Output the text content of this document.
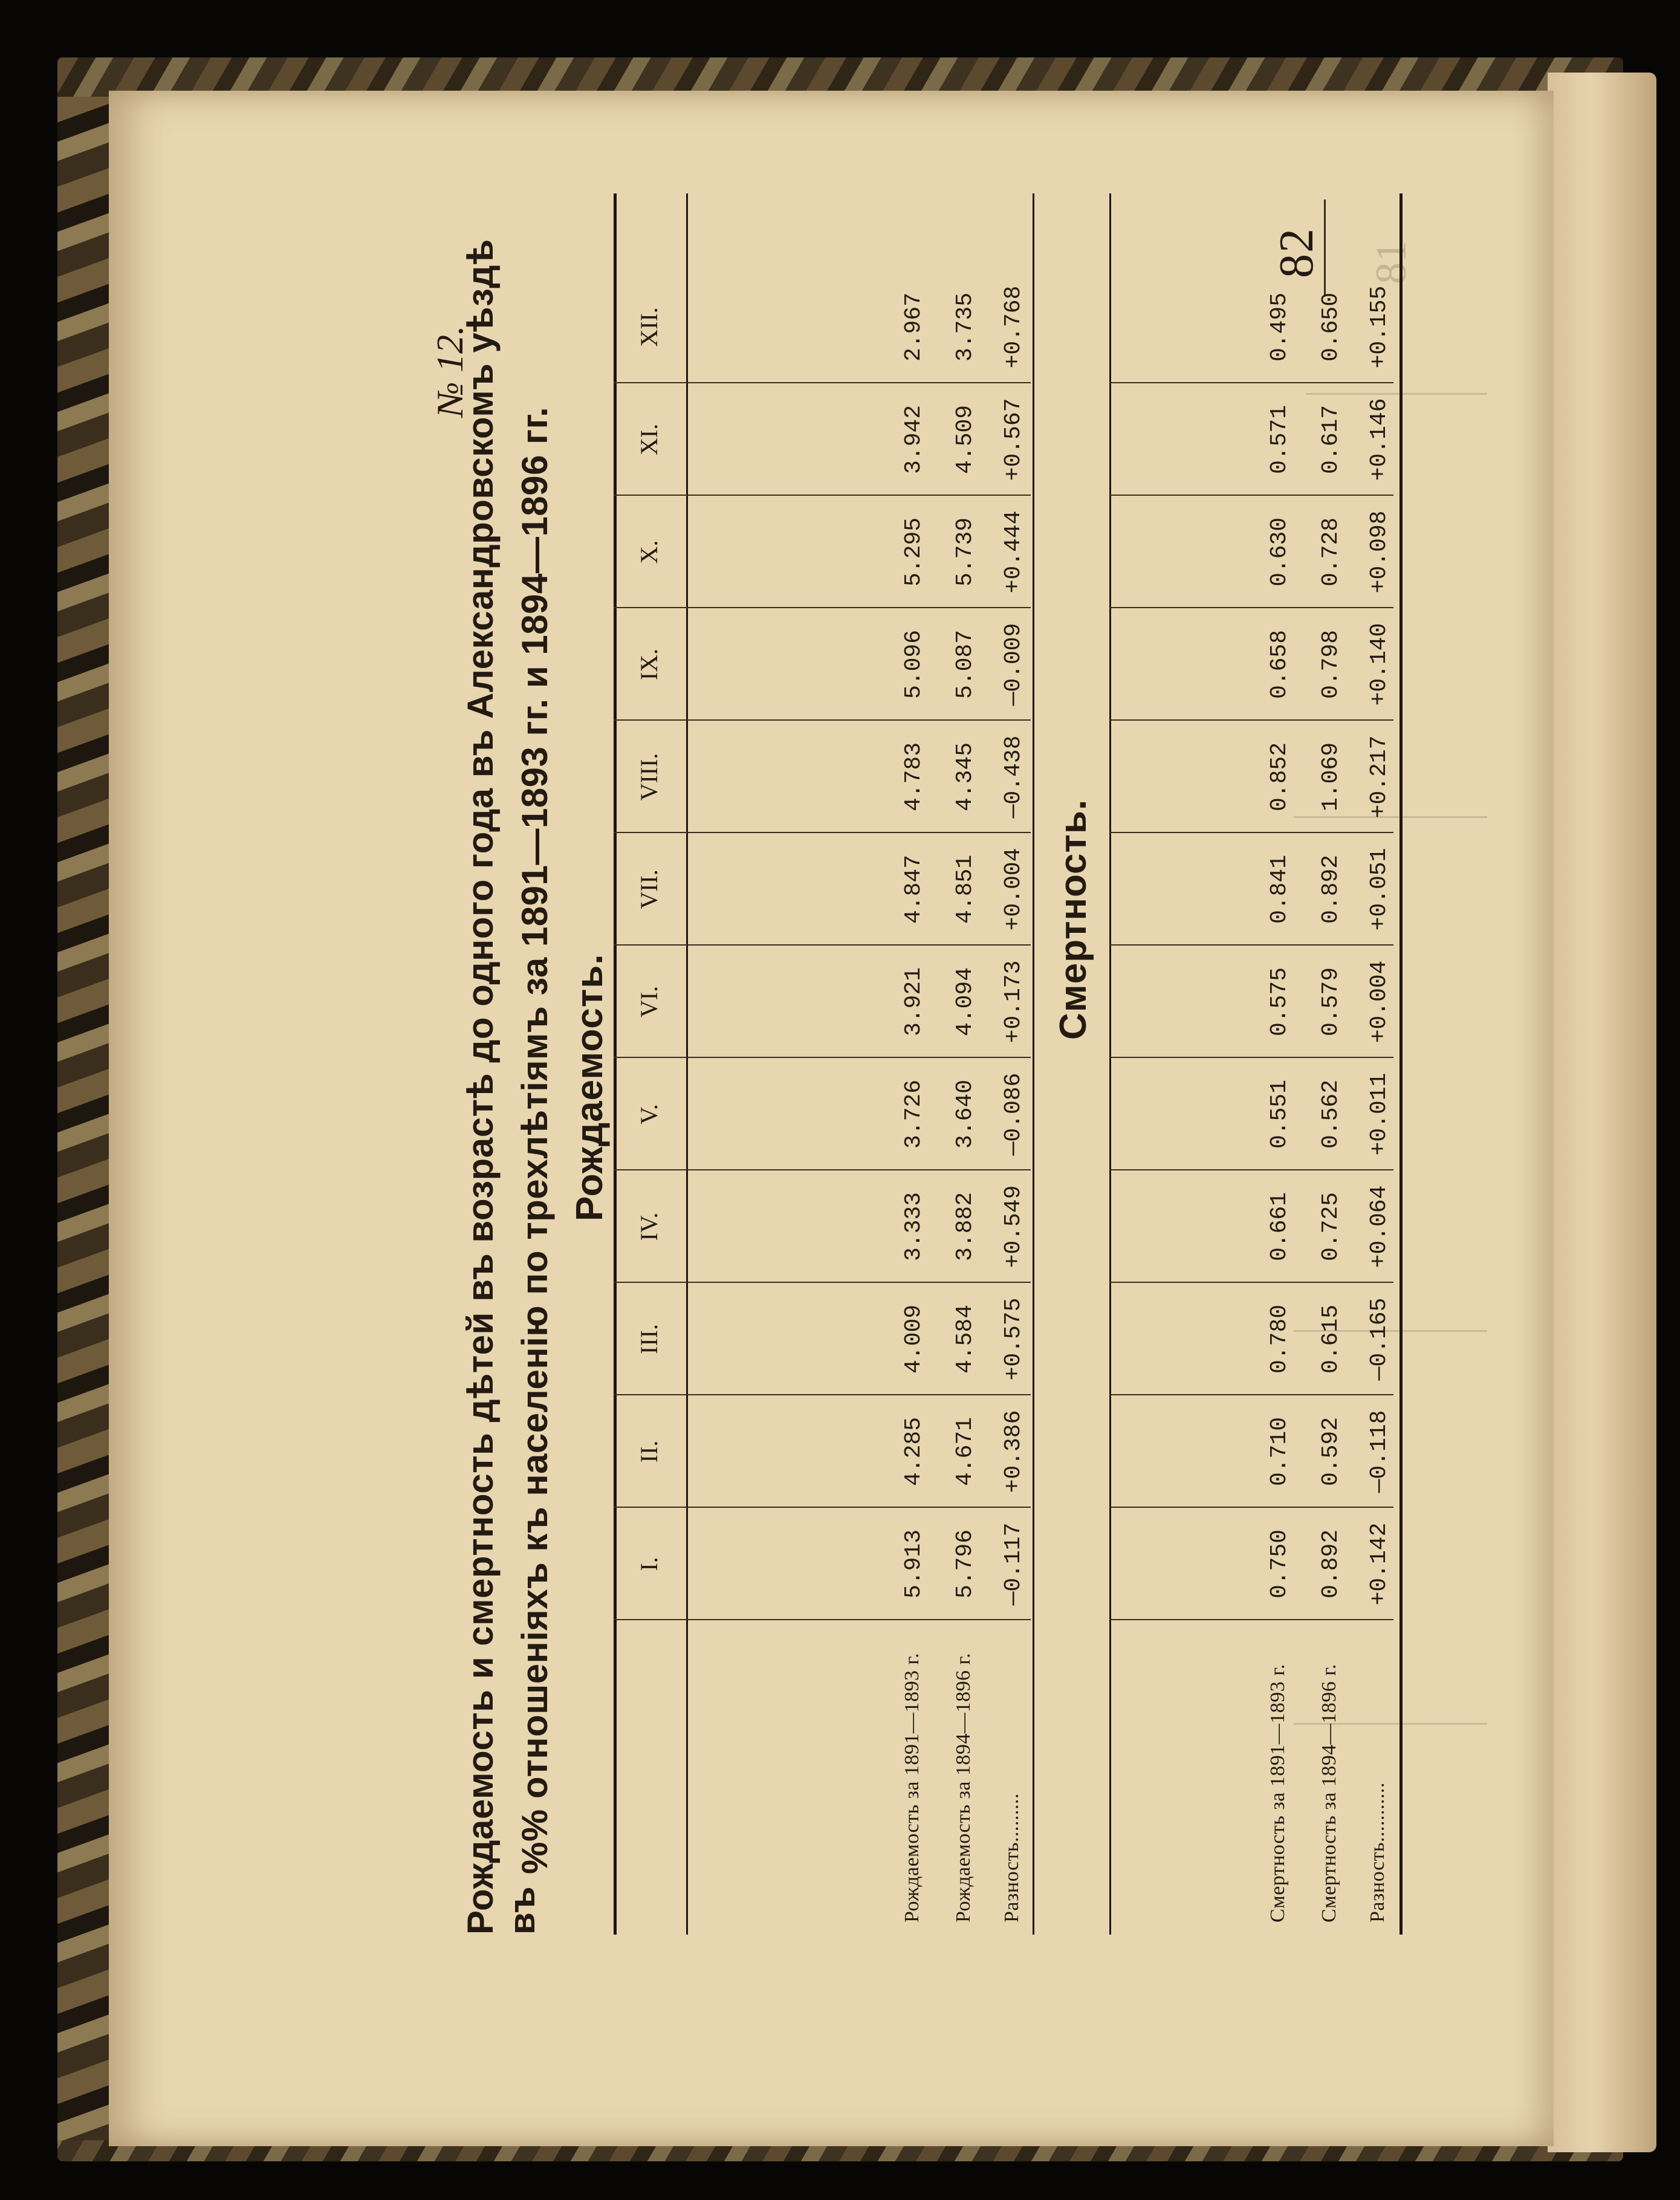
82 81
№ 12.
Рождаемость и смертность дѣтей въ возрастѣ до одного года въ Александровскомъ уѣздѣ въ
%% отношеніяхъ къ населенію по трехлѣтіямъ за 1891—1893 гг. и 1894—1896 гг. Рождаемость.
I.
II.
III.
IV.
V.
VI.
VII.
VIII.
IX.
X.
XI.
XII.
Рождаемость за 1891—1893 г.
5.913
4.285
4.009
3.333
3.726
3.921
4.847
4.783
5.096
5.295
3.942
2.967
Рождаемость за 1894—1896 г.
5.796
4.671
4.584
3.882
3.640
4.094
4.851
4.345
5.087
5.739
4.509
3.735
Разность.........
—0.117
+0.386
+0.575
+0.549
—0.086
+0.173
+0.004
—0.438
—0.009
+0.444
+0.567
+0.768
Смертность.
Смертность за 1891—1893 г.
0.750
0.710
0.780
0.661
0.551
0.575
0.841
0.852
0.658
0.630
0.571
0.495
Смертность за 1894—1896 г.
0.892
0.592
0.615
0.725
0.562
0.579
0.892
1.069
0.798
0.728
0.617
0.650
Разность...........
+0.142
—0.118
—0.165
+0.064
+0.011
+0.004
+0.051
+0.217
+0.140
+0.098
+0.146
+0.155
